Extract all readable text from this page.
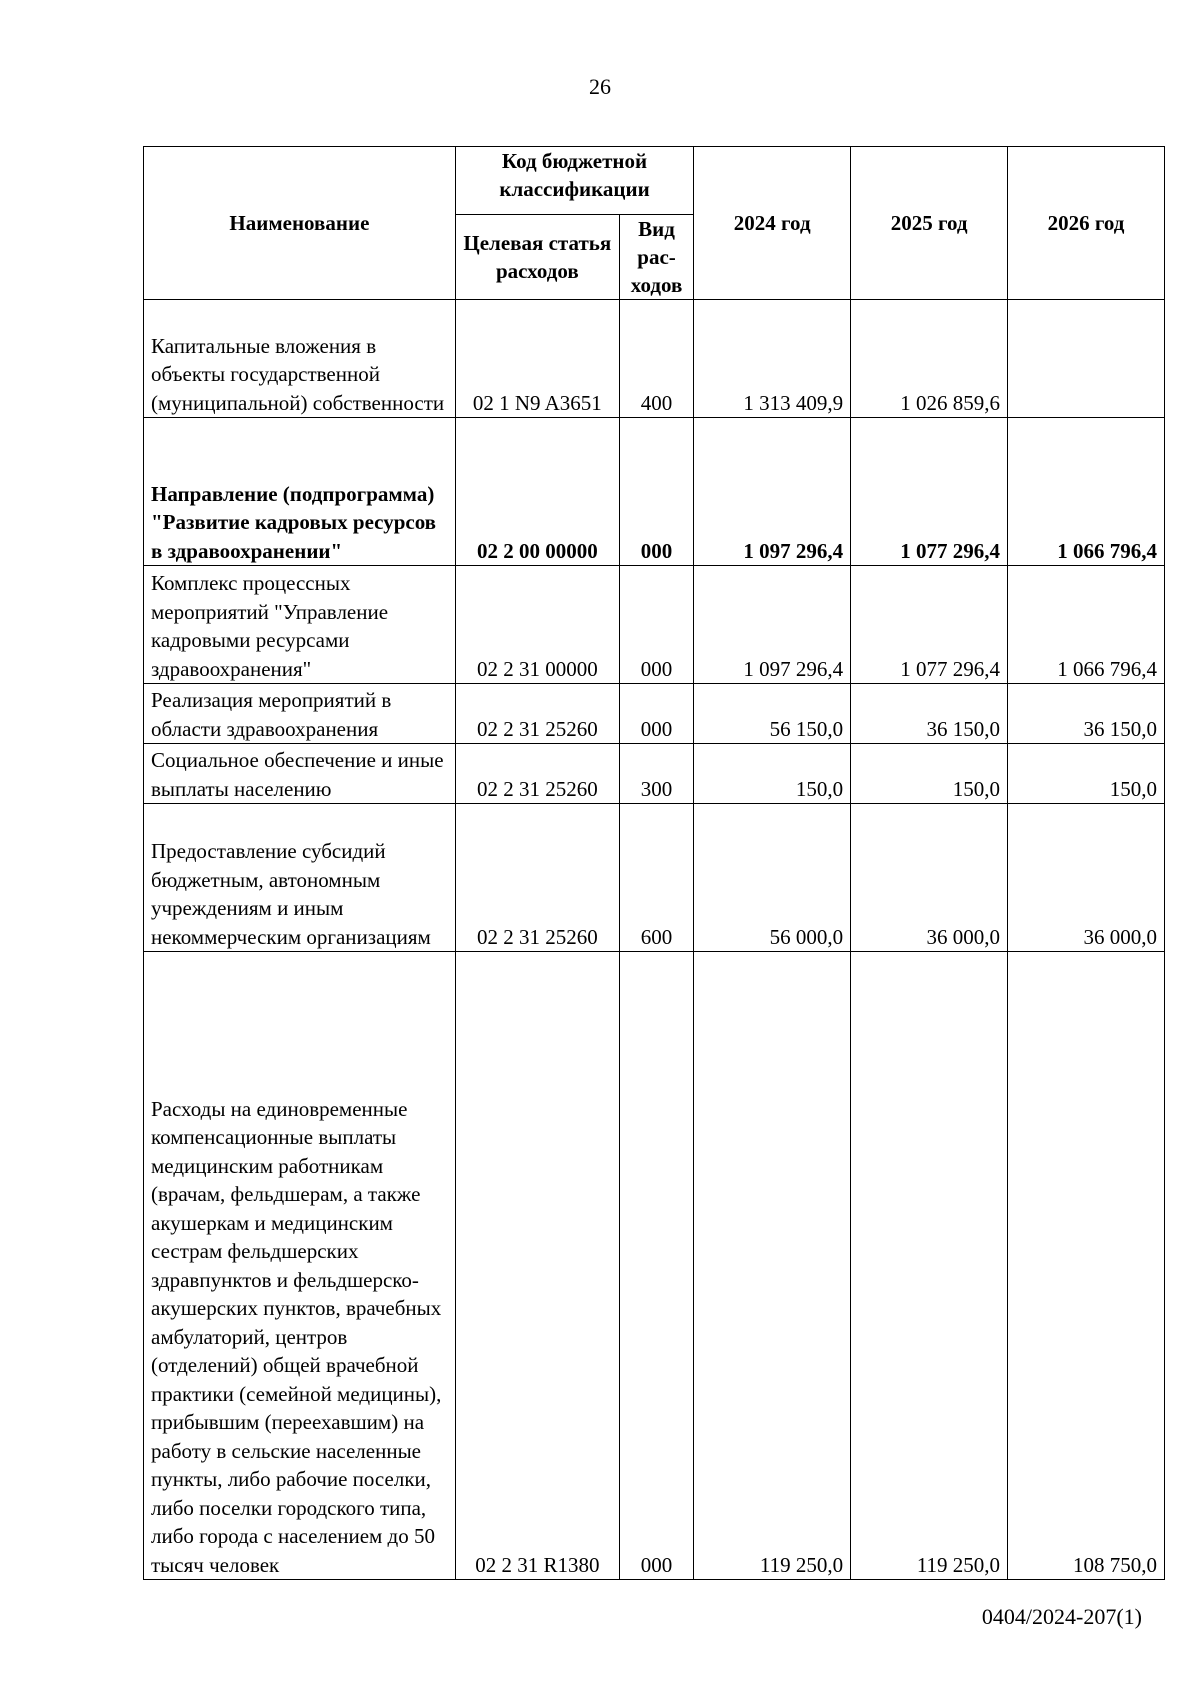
26
Наименование	Код бюджетной классификации		2024 год	2025 год	2026 год
	Целевая статья расходов	Вид рас-ходов			
Капитальные вложения в объекты государственной (муниципальной) собственности	02 1 N9 A3651	400	1 313 409,9	1 026 859,6	
Направление (подпрограмма) "Развитие кадровых ресурсов в здравоохранении"	02 2 00 00000	000	1 097 296,4	1 077 296,4	1 066 796,4
Комплекс процессных мероприятий "Управление кадровыми ресурсами здравоохранения"	02 2 31 00000	000	1 097 296,4	1 077 296,4	1 066 796,4
Реализация мероприятий в области здравоохранения	02 2 31 25260	000	56 150,0	36 150,0	36 150,0
Социальное обеспечение и иные выплаты населению	02 2 31 25260	300	150,0	150,0	150,0
Предоставление субсидий бюджетным, автономным учреждениям и иным некоммерческим организациям	02 2 31 25260	600	56 000,0	36 000,0	36 000,0
Расходы на единовременные компенсационные выплаты медицинским работникам (врачам, фельдшерам, а также акушеркам и медицинским сестрам фельдшерских здравпунктов и фельдшерско-акушерских пунктов, врачебных амбулаторий, центров (отделений) общей врачебной практики (семейной медицины), прибывшим (переехавшим) на работу в сельские населенные пункты, либо рабочие поселки, либо поселки городского типа, либо города с населением до 50 тысяч человек	02 2 31 R1380	000	119 250,0	119 250,0	108 750,0
0404/2024-207(1)
